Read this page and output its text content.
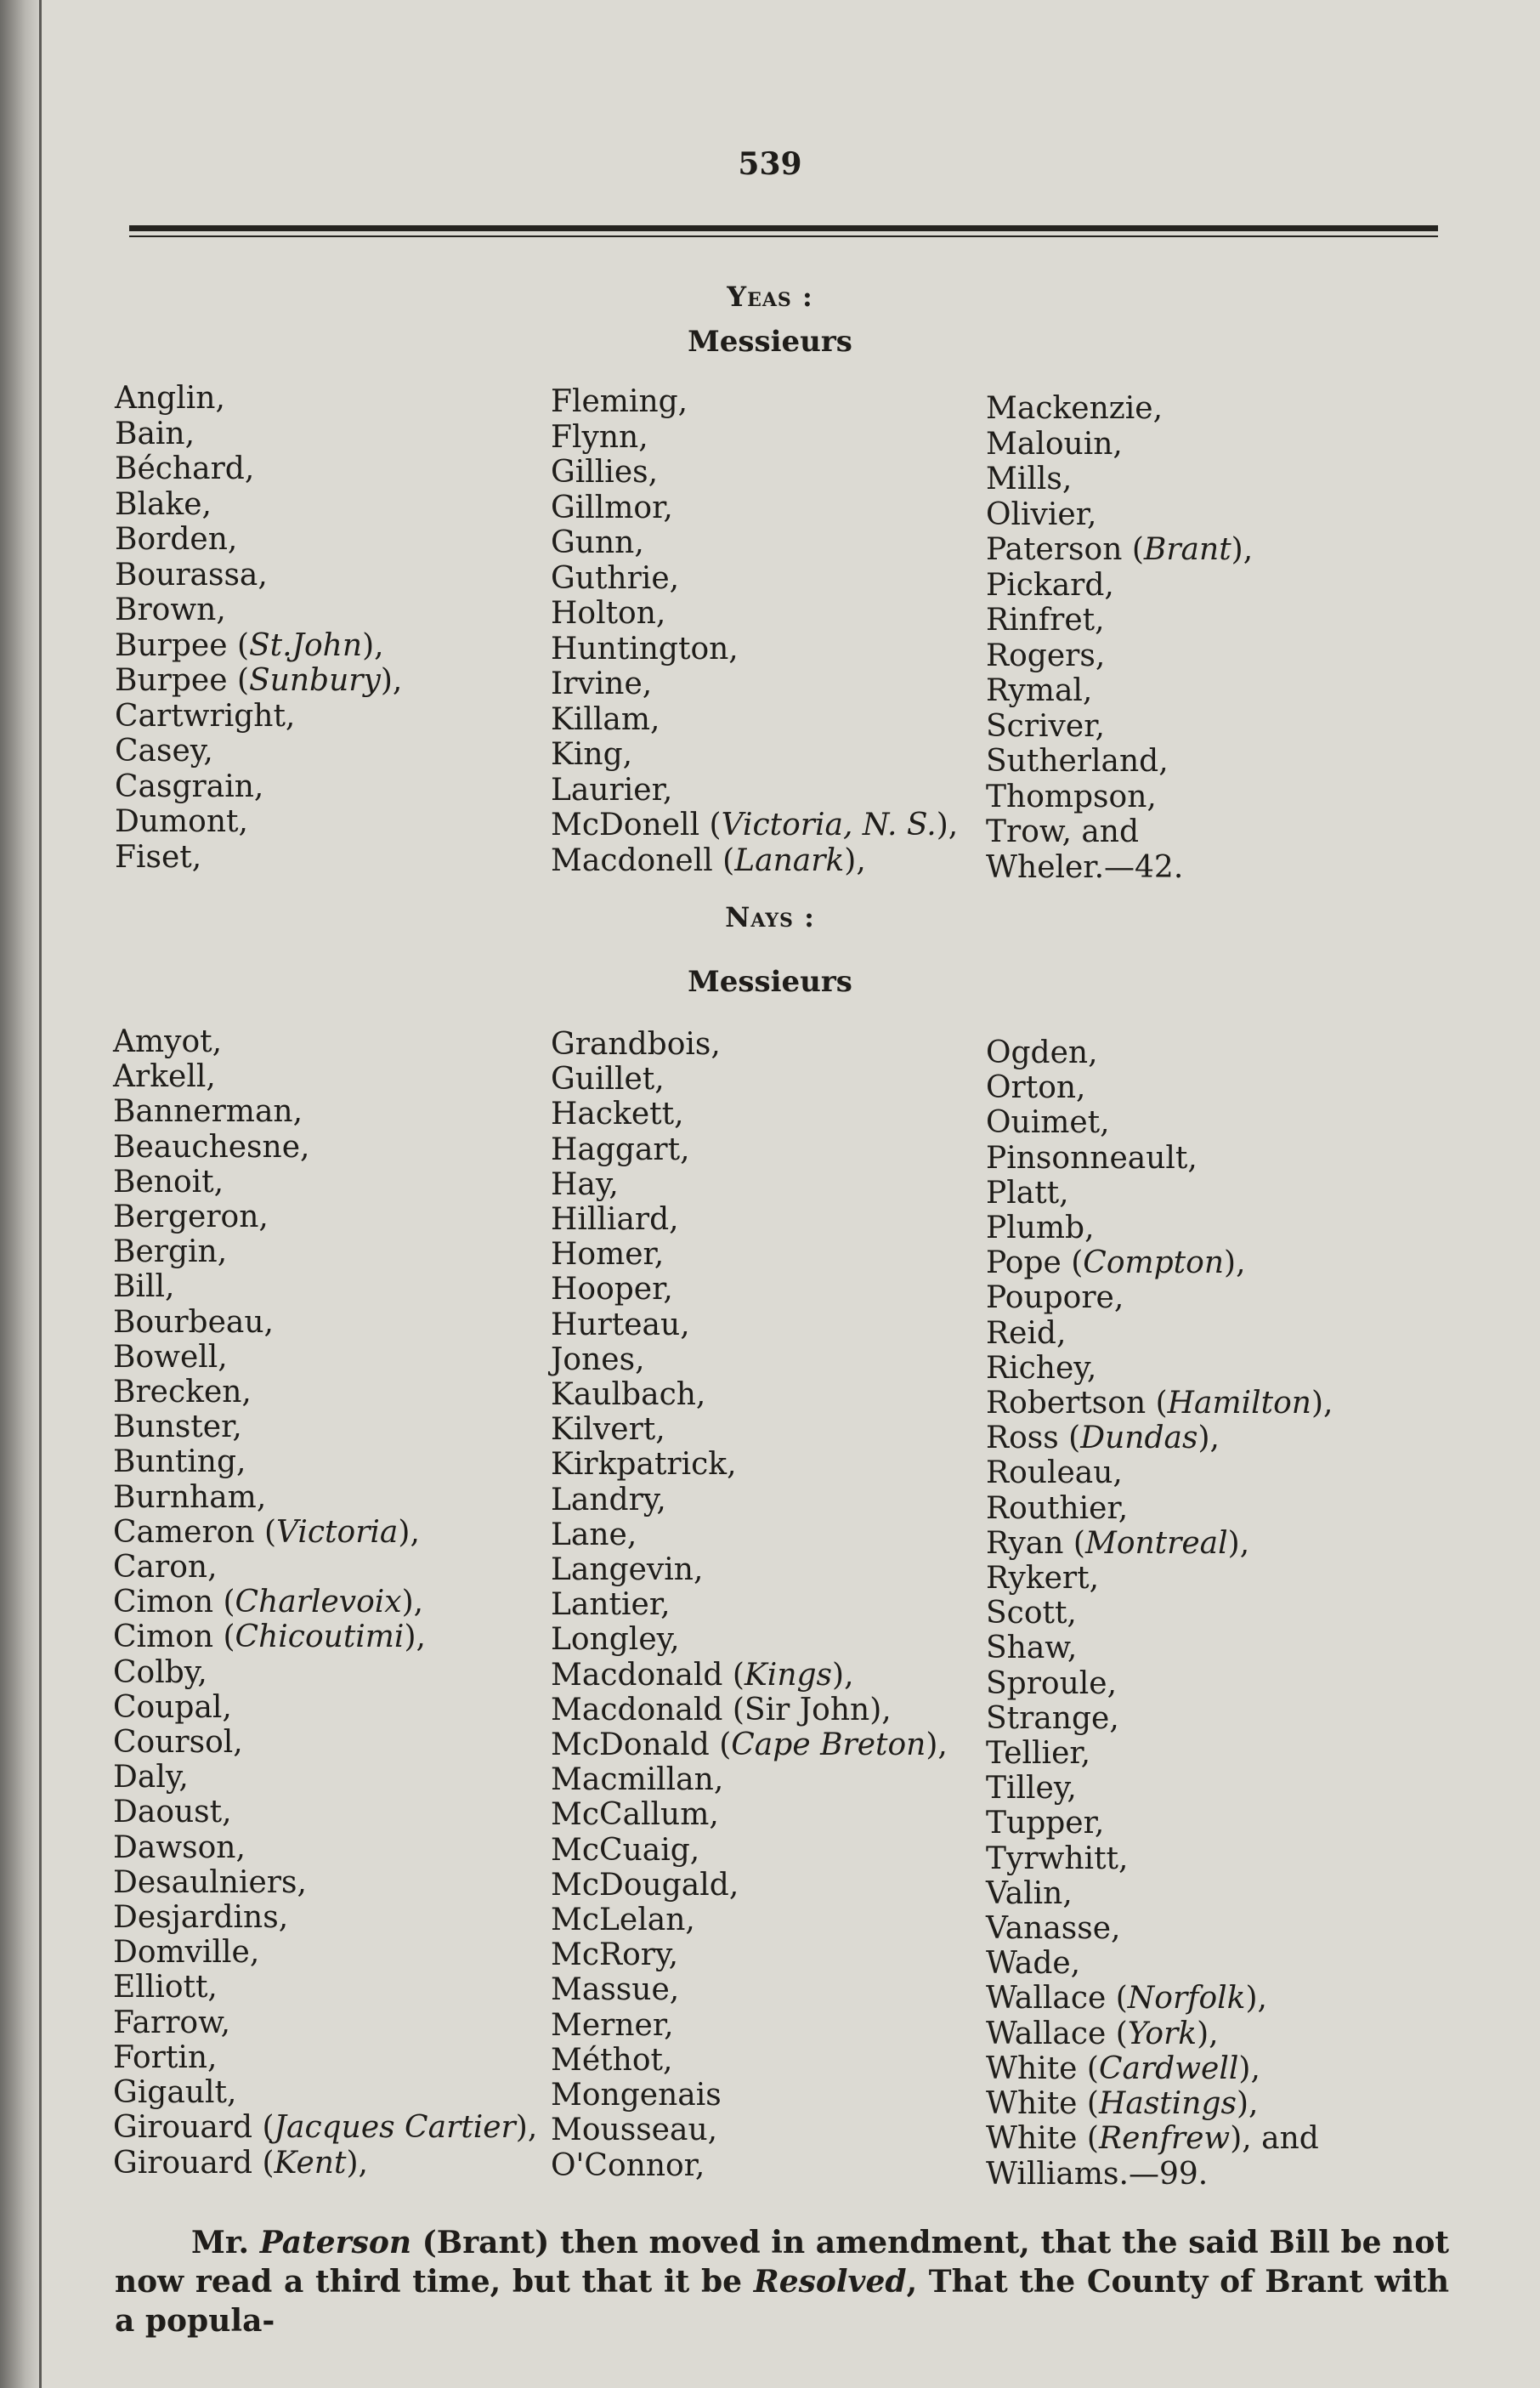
539
Yeas :
Messieurs
Anglin,
Bain,
Béchard,
Blake,
Borden,
Bourassa,
Brown,
Burpee (St.John),
Burpee (Sunbury),
Cartwright,
Casey,
Casgrain,
Dumont,
Fiset,
Fleming,
Flynn,
Gillies,
Gillmor,
Gunn,
Guthrie,
Holton,
Huntington,
Irvine,
Killam,
King,
Laurier,
McDonell (Victoria, N. S.),
Macdonell (Lanark),
Mackenzie,
Malouin,
Mills,
Olivier,
Paterson (Brant),
Pickard,
Rinfret,
Rogers,
Rymal,
Scriver,
Sutherland,
Thompson,
Trow, and
Wheler.—42.
Nays :
Messieurs
Amyot,
Arkell,
Bannerman,
Beauchesne,
Benoit,
Bergeron,
Bergin,
Bill,
Bourbeau,
Bowell,
Brecken,
Bunster,
Bunting,
Burnham,
Cameron (Victoria),
Caron,
Cimon (Charlevoix),
Cimon (Chicoutimi),
Colby,
Coupal,
Coursol,
Daly,
Daoust,
Dawson,
Desaulniers,
Desjardins,
Domville,
Elliott,
Farrow,
Fortin,
Gigault,
Girouard (Jacques Cartier),
Girouard (Kent),
Grandbois,
Guillet,
Hackett,
Haggart,
Hay,
Hilliard,
Homer,
Hooper,
Hurteau,
Jones,
Kaulbach,
Kilvert,
Kirkpatrick,
Landry,
Lane,
Langevin,
Lantier,
Longley,
Macdonald (Kings),
Macdonald (Sir John),
McDonald (Cape Breton),
Macmillan,
McCallum,
McCuaig,
McDougald,
McLelan,
McRory,
Massue,
Merner,
Méthot,
Mongenais
Mousseau,
O'Connor,
Ogden,
Orton,
Ouimet,
Pinsonneault,
Platt,
Plumb,
Pope (Compton),
Poupore,
Reid,
Richey,
Robertson (Hamilton),
Ross (Dundas),
Rouleau,
Routhier,
Ryan (Montreal),
Rykert,
Scott,
Shaw,
Sproule,
Strange,
Tellier,
Tilley,
Tupper,
Tyrwhitt,
Valin,
Vanasse,
Wade,
Wallace (Norfolk),
Wallace (York),
White (Cardwell),
White (Hastings),
White (Renfrew), and
Williams.—99.

Mr. Paterson (Brant) then moved in amendment, that the said Bill be not now read a third time, but that it be Resolved, That the County of Brant with a popula-
